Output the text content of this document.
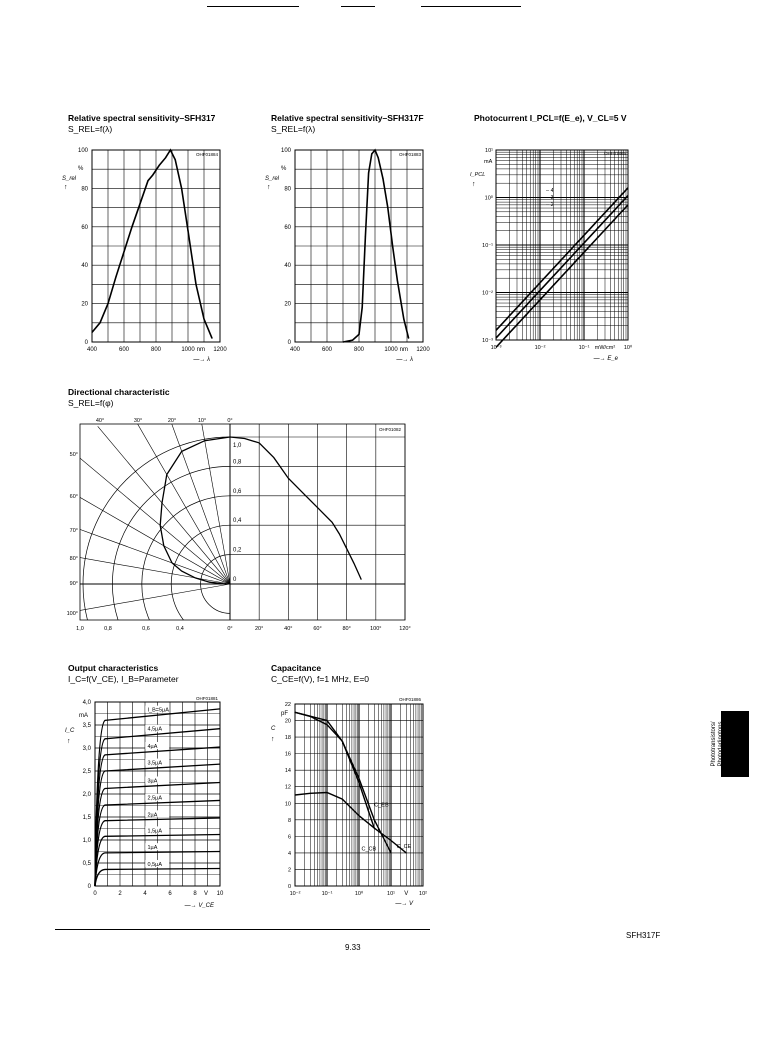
Relative spectral sensitivity–SFH317
S_REL=f(λ)
Relative spectral sensitivity–SFH317F
S_REL=f(λ)
Photocurrent I_PCL=f(E_e), V_CL=5 V
Directional characteristic
S_REL=f(φ)
Output characteristics
I_C=f(V_CE), I_B=Parameter
Capacitance
C_CE=f(V), f=1 MHz, E=0
400	600	800	1000	1200
0
20
40
60
80
100
OHF01884
S_rel
↑
%
nm
—→ λ
400	600	800	1000	1200
0
20
40
60
80
100
OHF01883
S_rel
↑
%
nm
—→ λ
– 4
– 3
– 2
10⁻³	10⁻²	10⁻¹	10⁰
10¹
10⁰
10⁻¹
10⁻²
10⁻³
OHF01885
I_PCL
↑
mA
mW/cm²
—→ E_e
40°	30°	20°	10°	0°
50°
60°
70°
80°
90°
100°
1,0
0,8
0,6
0,4
0,2
0
1,0	0,8	0,6	0,4	0°	20°	40°	60°	80°	100°	120°
OHF01082
I_B=5µA
4,5µA
4µA
3,5µA
3µA
2,5µA
2µA
1,5µA
1µA
0,5µA
0	2	4	6	8	10
0
0,5
1,0
1,5
2,0
2,5
3,0
3,5
4,0
OHF01881
I_C
↑
mA
V
—→ V_CE
C_EB
C_CB	C_CE
10⁻²	10⁻¹	10⁰	10¹	10²
0
2
4
6
8
10
12
14
16
18
20
22
OHF01886
C
↑
pF
V
—→ V
Phototransistors/ Photodarlingtons
SFH317F
9.33
